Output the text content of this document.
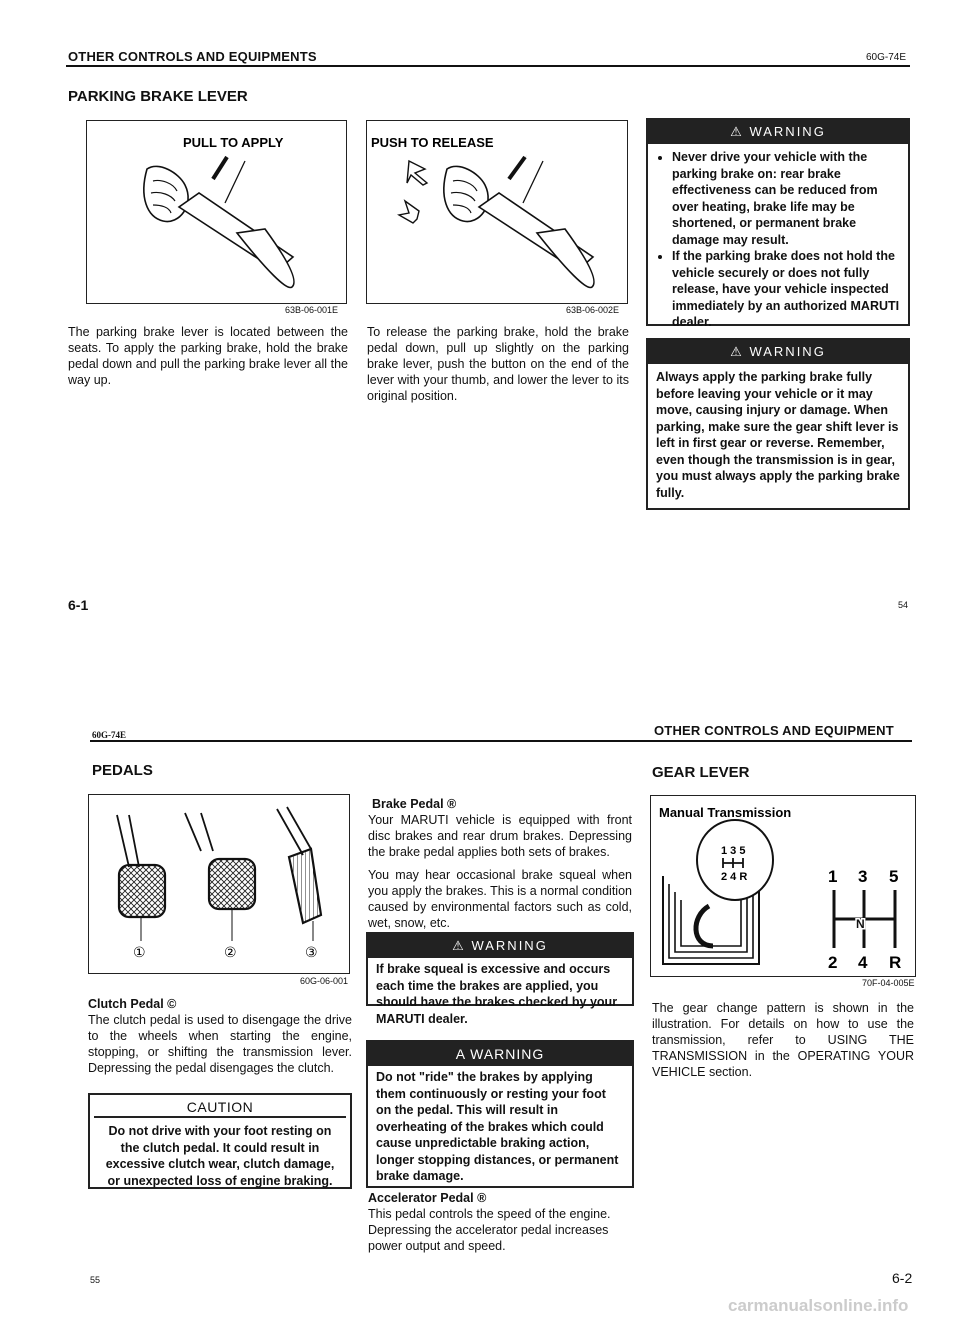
OTHER CONTROLS AND EQUIPMENTS	60G-74E
PARKING BRAKE LEVER
PULL TO APPLY
63B-06-001E
PUSH TO RELEASE
63B-06-002E
The parking brake lever is located between the seats. To apply the parking brake, hold the brake pedal down and pull the parking brake lever all the way up.
To release the parking brake, hold the brake pedal down, pull up slightly on the parking brake lever, push the button on the end of the lever with your thumb, and lower the lever to its original position.
⚠ WARNING
• Never drive your vehicle with the parking brake on: rear brake effectiveness can be reduced from over heating, brake life may be shortened, or permanent brake damage may result.
• If the parking brake does not hold the vehicle securely or does not fully release, have your vehicle inspected immediately by an authorized MARUTI dealer.
⚠ WARNING
Always apply the parking brake fully before leaving your vehicle or it may move, causing injury or damage. When parking, make sure the gear shift lever is left in first gear or reverse. Remember, even though the transmission is in gear, you must always apply the parking brake fully.
6-1	54
60G-74E	OTHER CONTROLS AND EQUIPMENT
PEDALS	GEAR LEVER
①	②	③
60G-06-001
Clutch Pedal ©
The clutch pedal is used to disengage the drive to the wheels when starting the engine, stopping, or shifting the transmission lever. Depressing the pedal disengages the clutch.
CAUTION
Do not drive with your foot resting on the clutch pedal. It could result in excessive clutch wear, clutch damage, or unexpected loss of engine braking.
Brake Pedal ®

Your MARUTI vehicle is equipped with front disc brakes and rear drum brakes. Depressing the brake pedal applies both sets of brakes.

You may hear occasional brake squeal when you apply the brakes. This is a normal condition caused by environmental factors such as cold, wet, snow, etc.

⚠ WARNING
If brake squeal is excessive and occurs each time the brakes are applied, you should have the brakes checked by your MARUTI dealer.
A WARNING
Do not "ride" the brakes by applying them continuously or resting your foot on the pedal. This will result in overheating of the brakes which could cause unpredictable braking action, longer stopping distances, or permanent brake damage.
Accelerator Pedal ®
This pedal controls the speed of the engine. Depressing the accelerator pedal increases power output and speed.
Manual Transmission
1 3 5
2 4 R	1 3 5
2 4 R
N
70F-04-005E
The gear change pattern is shown in the illustration. For details on how to use the transmission, refer to USING THE TRANSMISSION in the OPERATING YOUR VEHICLE section.
55	6-2
carmanualsonline.info
